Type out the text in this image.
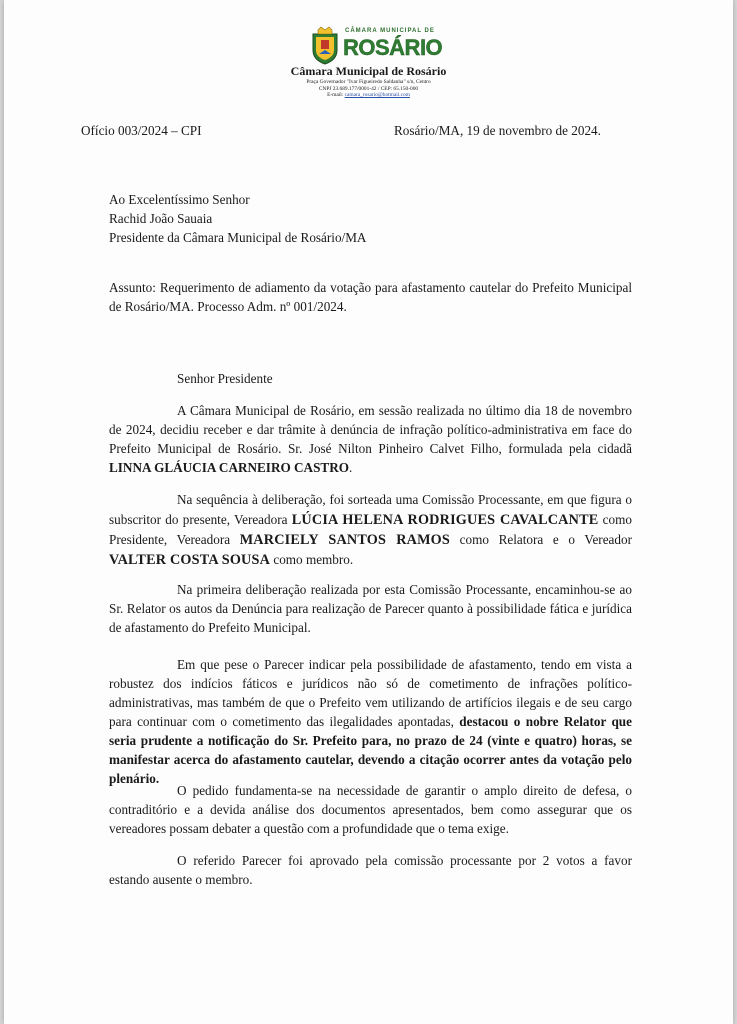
CÂMARA MUNICIPAL DE
ROSÁRIO
Câmara Municipal de Rosário
Praça Governador "Ivar Figueiredo Saldanha" s/n, Centro
CNPJ 23.689.177/0001-42 / CEP: 65.150-000
E-mail: camara_rosario@hotmail.com
Ofício 003/2024 – CPI	Rosário/MA, 19 de novembro de 2024.
Ao Excelentíssimo Senhor
Rachid João Sauaia
Presidente da Câmara Municipal de Rosário/MA
Assunto: Requerimento de adiamento da votação para afastamento cautelar do Prefeito Municipal de Rosário/MA. Processo Adm. nº 001/2024.
Senhor Presidente
A Câmara Municipal de Rosário, em sessão realizada no último dia 18 de novembro de 2024, decidiu receber e dar trâmite à denúncia de infração político-administrativa em face do Prefeito Municipal de Rosário. Sr. José Nilton Pinheiro Calvet Filho, formulada pela cidadã LINNA GLÁUCIA CARNEIRO CASTRO.
Na sequência à deliberação, foi sorteada uma Comissão Processante, em que figura o subscritor do presente, Vereadora LÚCIA HELENA RODRIGUES CAVALCANTE como Presidente, Vereadora MARCIELY SANTOS RAMOS como Relatora e o Vereador VALTER COSTA SOUSA como membro.
Na primeira deliberação realizada por esta Comissão Processante, encaminhou-se ao Sr. Relator os autos da Denúncia para realização de Parecer quanto à possibilidade fática e jurídica de afastamento do Prefeito Municipal.
Em que pese o Parecer indicar pela possibilidade de afastamento, tendo em vista a robustez dos indícios fáticos e jurídicos não só de cometimento de infrações político-administrativas, mas também de que o Prefeito vem utilizando de artifícios ilegais e de seu cargo para continuar com o cometimento das ilegalidades apontadas, destacou o nobre Relator que seria prudente a notificação do Sr. Prefeito para, no prazo de 24 (vinte e quatro) horas, se manifestar acerca do afastamento cautelar, devendo a citação ocorrer antes da votação pelo plenário.
O pedido fundamenta-se na necessidade de garantir o amplo direito de defesa, o contraditório e a devida análise dos documentos apresentados, bem como assegurar que os vereadores possam debater a questão com a profundidade que o tema exige.
O referido Parecer foi aprovado pela comissão processante por 2 votos a favor estando ausente o membro.
